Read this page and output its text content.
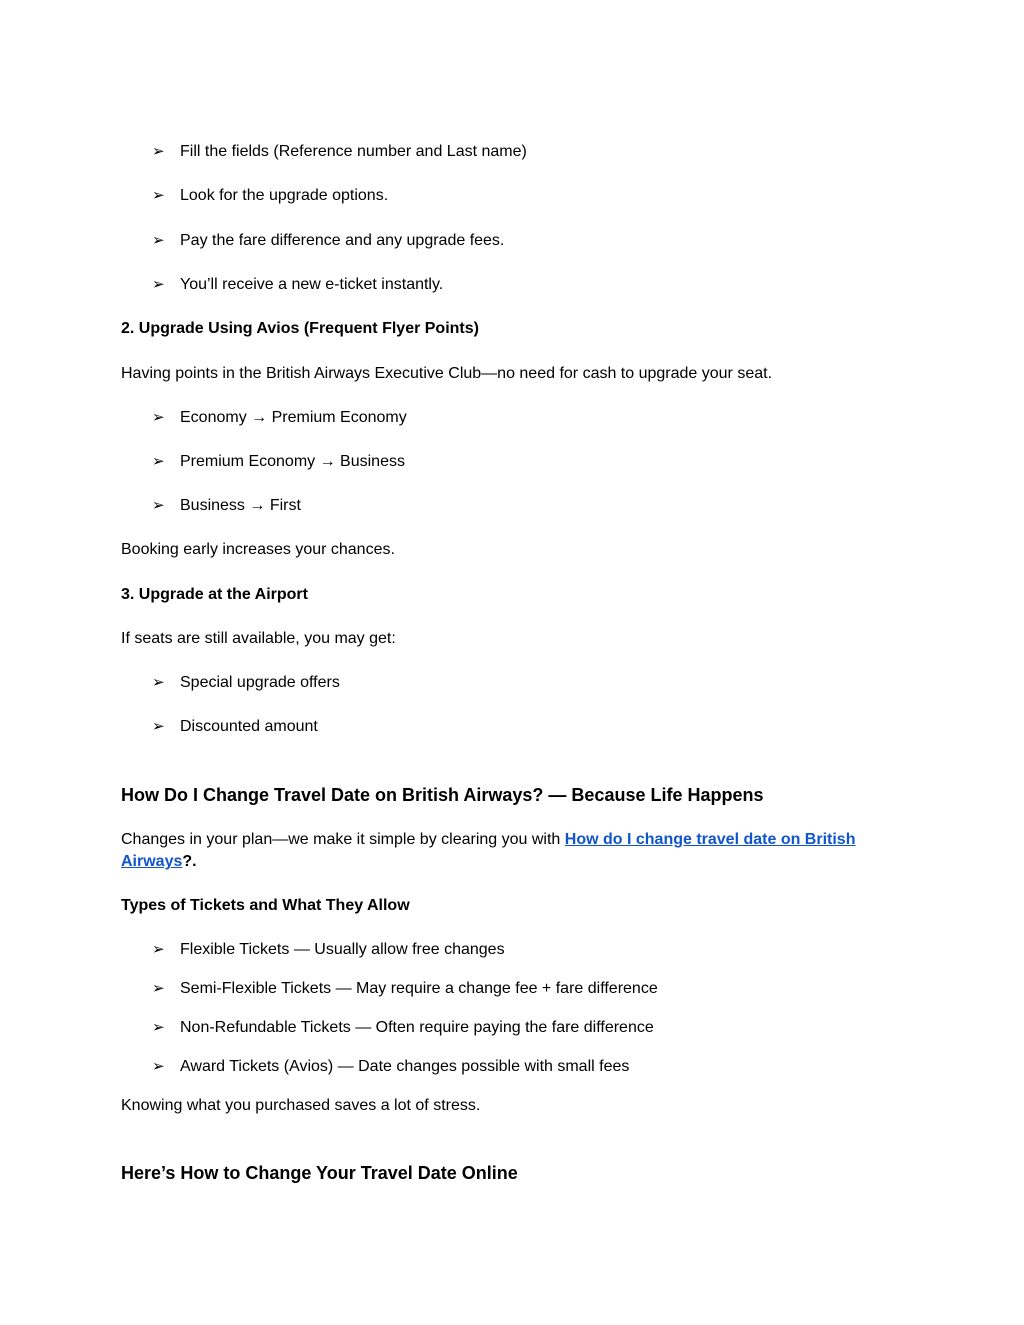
➢ Fill the fields (Reference number and Last name)
➢ Look for the upgrade options.
➢ Pay the fare difference and any upgrade fees.
➢ You’ll receive a new e-ticket instantly.
2. Upgrade Using Avios (Frequent Flyer Points)
Having points in the British Airways Executive Club—no need for cash to upgrade your seat.
➢ Economy → Premium Economy
➢ Premium Economy → Business
➢ Business → First
Booking early increases your chances.
3. Upgrade at the Airport
If seats are still available, you may get:
➢ Special upgrade offers
➢ Discounted amount
How Do I Change Travel Date on British Airways? — Because Life Happens
Changes in your plan—we make it simple by clearing you with How do I change travel date on British Airways?.
Types of Tickets and What They Allow
➢ Flexible Tickets — Usually allow free changes
➢ Semi-Flexible Tickets — May require a change fee + fare difference
➢ Non-Refundable Tickets — Often require paying the fare difference
➢ Award Tickets (Avios) — Date changes possible with small fees
Knowing what you purchased saves a lot of stress.
Here’s How to Change Your Travel Date Online
